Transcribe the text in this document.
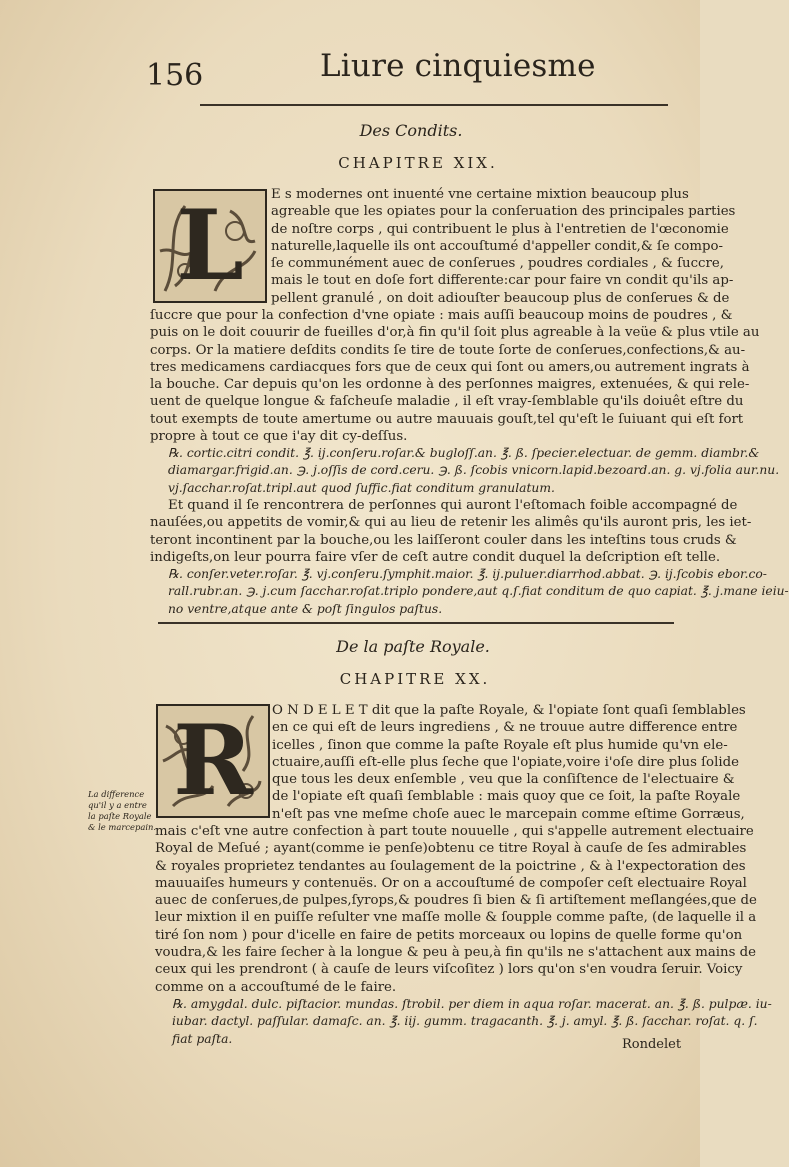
156	Liure cinquiesme
Des Condits.
CHAPITRE XIX.
L	E s modernes ont inuenté vne certaine mixtion beaucoup plus
agreable que les opiates pour la conſeruation des principales parties
de noſtre corps , qui contribuent le plus à l'entretien de l'œconomie
naturelle,laquelle ils ont accouſtumé d'appeller condit,& ſe compo-
ſe communément auec de conſerues , poudres cordiales , & ſuccre,
mais le tout en doſe fort differente:car pour faire vn condit qu'ils ap-
pellent granulé , on doit adiouſter beaucoup plus de conſerues & de
ſuccre que pour la confection d'vne opiate : mais auſſi beaucoup moins de poudres , &
puis on le doit couurir de fueilles d'or,à fin qu'il ſoit plus agreable à la veüe & plus vtile au
corps. Or la matiere deſdits condits ſe tire de toute ſorte de conſerues,confections,& au-
tres medicamens cardiacques fors que de ceux qui ſont ou amers,ou autrement ingrats à
la bouche. Car depuis qu'on les ordonne à des perſonnes maigres, extenuées, & qui rele-
uent de quelque longue & faſcheuſe maladie , il eſt vray-ſemblable qu'ils doiuêt eſtre du
tout exempts de toute amertume ou autre mauuais gouſt,tel qu'eſt le ſuiuant qui eſt fort
propre à tout ce que i'ay dit cy-deſſus.
℞. cortic.citri condit. ℥. ij.conſeru.roſar.& bugloſſ.an. ℥. ß. ſpecier.electuar. de gemm. diambr.&
diamargar.frigid.an. ℈. j.oſſis de cord.ceru. ℈. ß. ſcobis vnicorn.lapid.bezoard.an. g. vj.folia aur.nu.
vj.ſacchar.roſat.tripl.aut quod ſuffic.fiat conditum granulatum.
Et quand il ſe rencontrera de perſonnes qui auront l'eſtomach foible accompagné de
nauſées,ou appetits de vomir,& qui au lieu de retenir les alimês qu'ils auront pris, les iet-
teront incontinent par la bouche,ou les laiſſeront couler dans les inteſtins tous cruds &
indigeſts,on leur pourra faire vſer de ceſt autre condit duquel la deſcription eſt telle.
℞. conſer.veter.roſar. ℥. vj.conſeru.ſymphit.maior. ℥. ij.puluer.diarrhod.abbat. ℈. ij.ſcobis ebor.co-
rall.rubr.an. ℈. j.cum ſacchar.roſat.triplo pondere,aut q.ſ.fiat conditum de quo capiat. ℥. j.mane ieiu-
no ventre,atque ante & poſt ſingulos paſtus.
De la paſte Royale.
CHAPITRE XX.
R
La difference
qu'il y a entre
la paſte Royale
& le marcepain.
O N D E L E T dit que la paſte Royale, & l'opiate ſont quaſi ſemblables
en ce qui eſt de leurs ingrediens , & ne trouue autre difference entre
icelles , ſinon que comme la paſte Royale eſt plus humide qu'vn ele-
ctuaire,auſſi eſt-elle plus ſeche que l'opiate,voire i'oſe dire plus ſolide
que tous les deux enſemble , veu que la conſiſtence de l'electuaire &
de l'opiate eſt quaſi ſemblable : mais quoy que ce ſoit, la paſte Royale
n'eſt pas vne meſme choſe auec le marcepain comme eſtime Gorræus,
mais c'eſt vne autre confection à part toute nouuelle , qui s'appelle autrement electuaire
Royal de Meſué ; ayant(comme ie penſe)obtenu ce titre Royal à cauſe de ſes admirables
& royales proprietez tendantes au ſoulagement de la poictrine , & à l'expectoration des
mauuaiſes humeurs y contenuës. Or on a accouſtumé de compoſer ceſt electuaire Royal
auec de conſerues,de pulpes,ſyrops,& poudres ſi bien & ſi artiſtement meſlangées,que de
leur mixtion il en puiſſe reſulter vne maſſe molle & ſoupple comme paſte, (de laquelle il a
tiré ſon nom ) pour d'icelle en faire de petits morceaux ou lopins de quelle forme qu'on
voudra,& les faire ſecher à la longue & peu à peu,à fin qu'ils ne s'attachent aux mains de
ceux qui les prendront ( à cauſe de leurs viſcoſitez ) lors qu'on s'en voudra ſeruir. Voicy
comme on a accouſtumé de le faire.
℞. amygdal. dulc. piſtacior. mundas. ſtrobil. per diem in aqua roſar. macerat. an. ℥. ß. pulpæ. iu-
iubar. dactyl. paſſular. damaſc. an. ℥. iij. gumm. tragacanth. ℥. j. amyl. ℥. ß. ſacchar. roſat. q. ſ.
fiat paſta.	Rondelet
